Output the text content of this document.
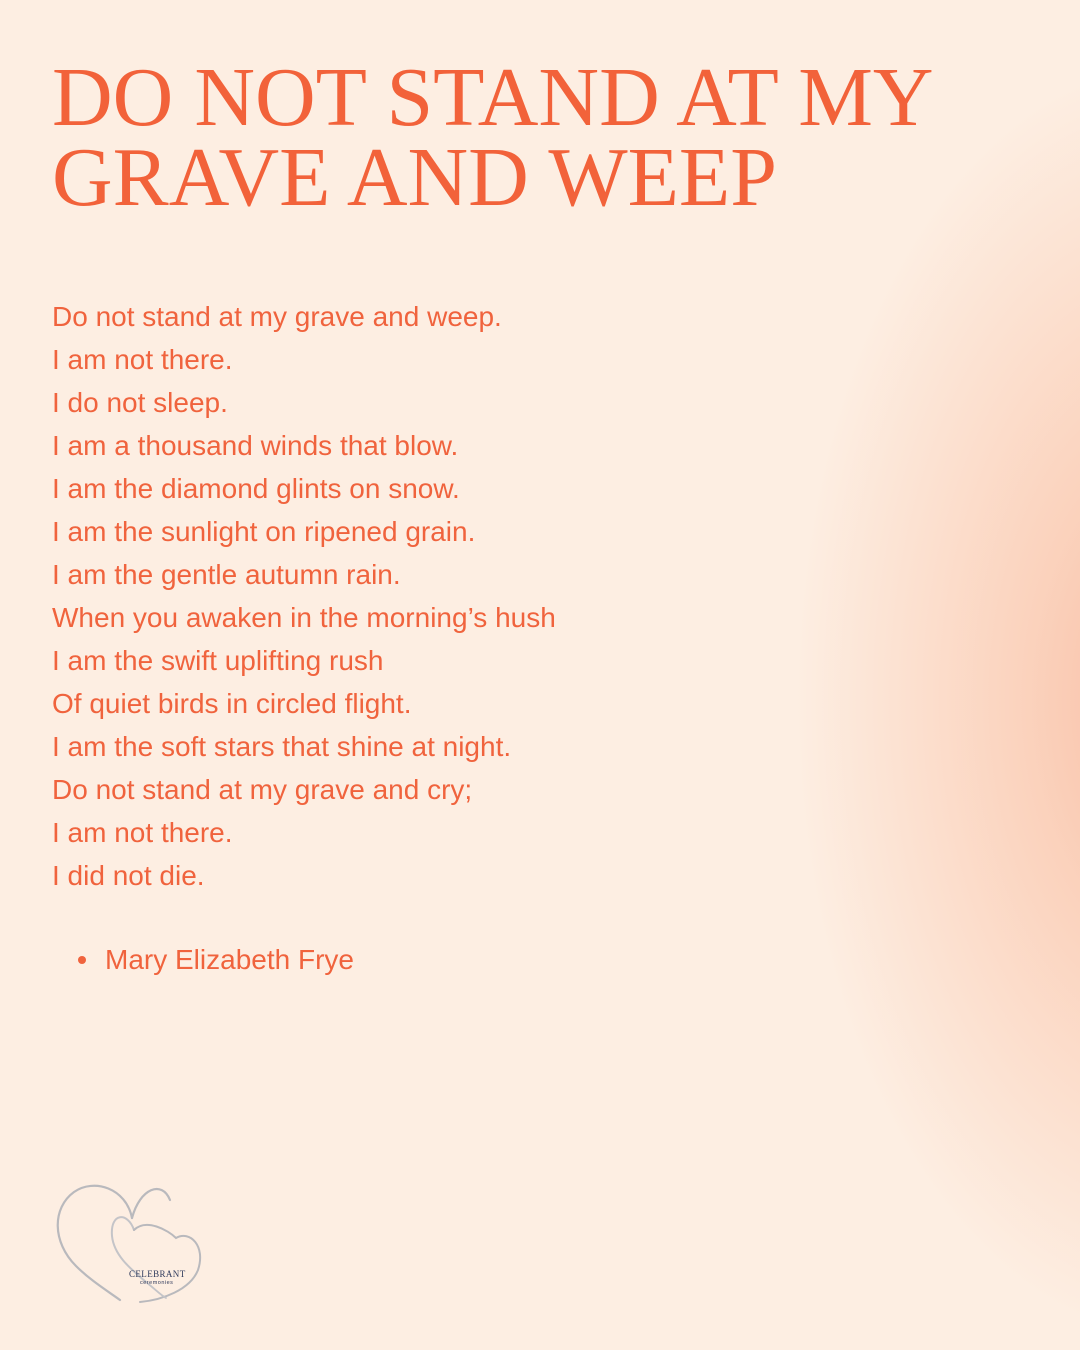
DO NOT STAND AT MY GRAVE AND WEEP
Do not stand at my grave and weep.
I am not there.
I do not sleep.
I am a thousand winds that blow.
I am the diamond glints on snow.
I am the sunlight on ripened grain.
I am the gentle autumn rain.
When you awaken in the morning’s hush
I am the swift uplifting rush
Of quiet birds in circled flight.
I am the soft stars that shine at night.
Do not stand at my grave and cry;
I am not there.
I did not die.
Mary Elizabeth Frye
CELEBRANT
ceremonies
